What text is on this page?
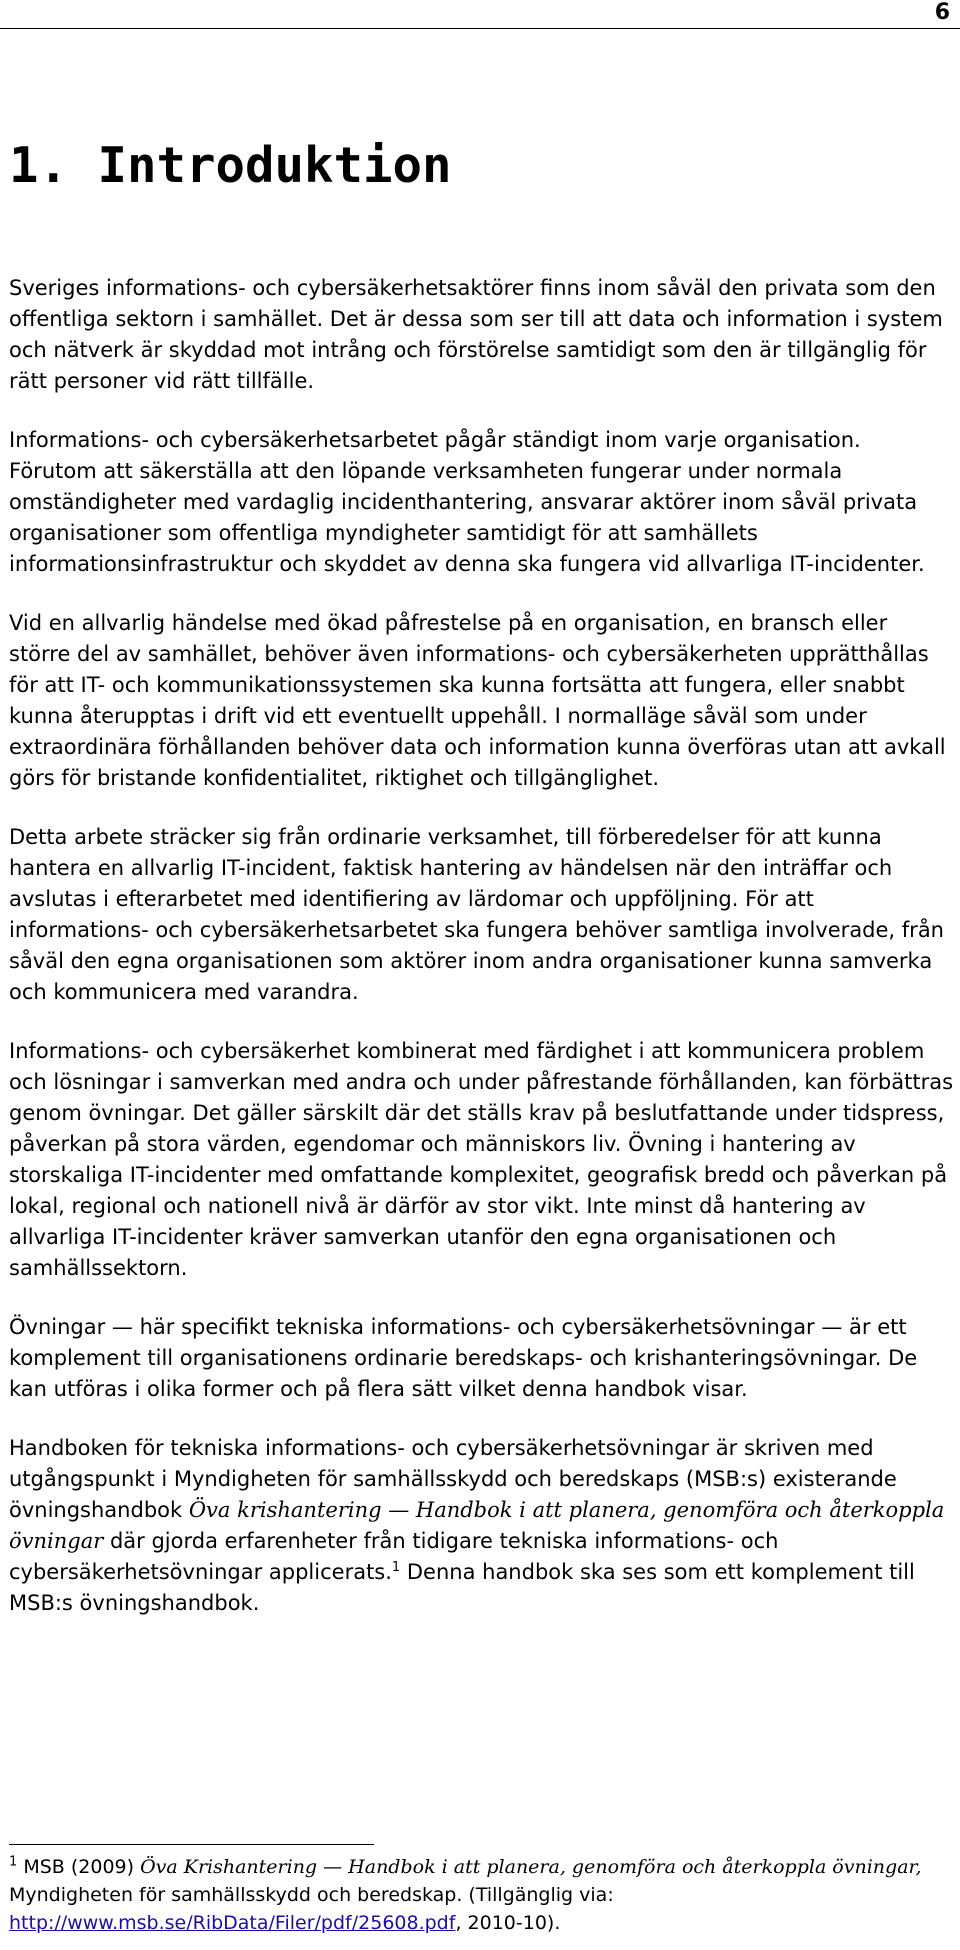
6
1. Introduktion

Sveriges informations- och cybersäkerhetsaktörer finns inom såväl den privata som den offentliga sektorn i samhället. Det är dessa som ser till att data och information i system och nätverk är skyddad mot intrång och förstörelse samtidigt som den är tillgänglig för rätt personer vid rätt tillfälle.

Informations- och cybersäkerhetsarbetet pågår ständigt inom varje organisation. Förutom att säkerställa att den löpande verksamheten fungerar under normala omständigheter med vardaglig incidenthantering, ansvarar aktörer inom såväl privata organisationer som offentliga myndigheter samtidigt för att samhällets informationsinfrastruktur och skyddet av denna ska fungera vid allvarliga IT-incidenter.

Vid en allvarlig händelse med ökad påfrestelse på en organisation, en bransch eller större del av samhället, behöver även informations- och cybersäkerheten upprätthållas för att IT- och kommunikationssystemen ska kunna fortsätta att fungera, eller snabbt kunna återupptas i drift vid ett eventuellt uppehåll. I normalläge såväl som under extraordinära förhållanden behöver data och information kunna överföras utan att avkall görs för bristande konfidentialitet, riktighet och tillgänglighet.

Detta arbete sträcker sig från ordinarie verksamhet, till förberedelser för att kunna hantera en allvarlig IT-incident, faktisk hantering av händelsen när den inträffar och avslutas i efterarbetet med identifiering av lärdomar och uppföljning. För att informations- och cybersäkerhetsarbetet ska fungera behöver samtliga involverade, från såväl den egna organisationen som aktörer inom andra organisationer kunna samverka och kommunicera med varandra.

Informations- och cybersäkerhet kombinerat med färdighet i att kommunicera problem och lösningar i samverkan med andra och under påfrestande förhållanden, kan förbättras genom övningar. Det gäller särskilt där det ställs krav på beslutfattande under tidspress, påverkan på stora värden, egendomar och människors liv. Övning i hantering av storskaliga IT-incidenter med omfattande komplexitet, geografisk bredd och påverkan på lokal, regional och nationell nivå är därför av stor vikt. Inte minst då hantering av allvarliga IT-incidenter kräver samverkan utanför den egna organisationen och samhällssektorn.

Övningar — här specifikt tekniska informations- och cybersäkerhetsövningar — är ett komplement till organisationens ordinarie beredskaps- och krishanteringsövningar. De kan utföras i olika former och på flera sätt vilket denna handbok visar.

Handboken för tekniska informations- och cybersäkerhetsövningar är skriven med utgångspunkt i Myndigheten för samhällsskydd och beredskaps (MSB:s) existerande övningshandbok Öva krishantering — Handbok i att planera, genomföra och återkoppla övningar där gjorda erfarenheter från tidigare tekniska informations- och cybersäkerhetsövningar applicerats.$^1$ Denna handbok ska ses som ett komplement till MSB:s övningshandbok.

$^1$ MSB (2009) Öva Krishantering — Handbok i att planera, genomföra och återkoppla övningar, Myndigheten för samhällsskydd och beredskap. (Tillgänglig via: http://www.msb.se/RibData/Filer/pdf/25608.pdf, 2010-10).
